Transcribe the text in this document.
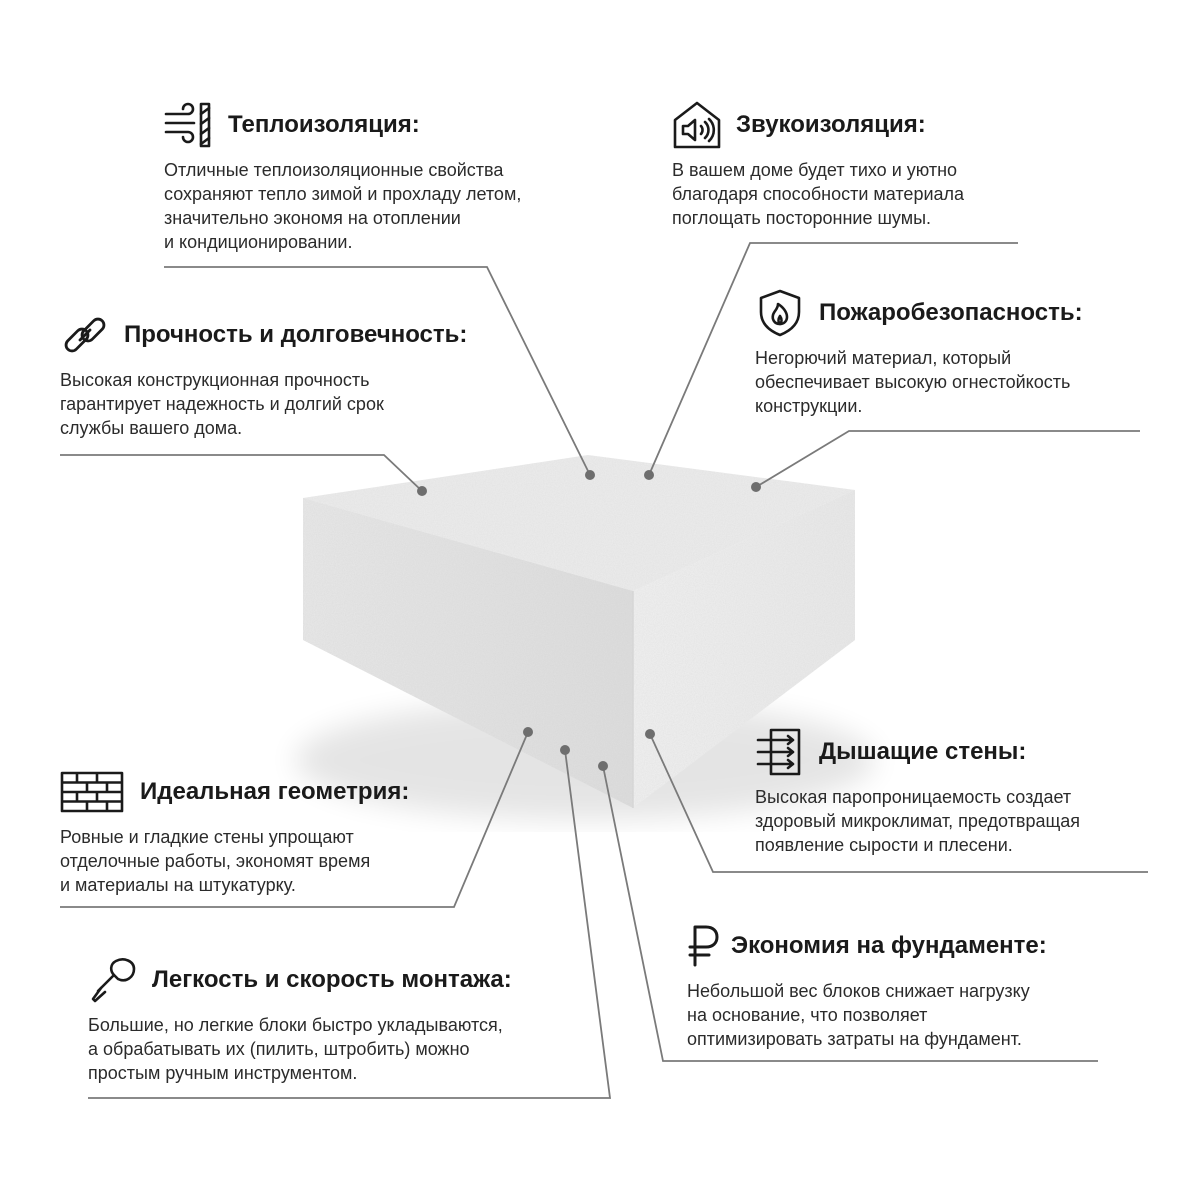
Теплоизоляция:
Отличные теплоизоляционные свойства
сохраняют тепло зимой и прохладу летом,
значительно экономя на отоплении
и кондиционировании.
Звукоизоляция:
В вашем доме будет тихо и уютно
благодаря способности материала
поглощать посторонние шумы.
Прочность и долговечность:
Высокая конструкционная прочность
гарантирует надежность и долгий срок
службы вашего дома.
Пожаробезопасность:
Негорючий материал, который
обеспечивает высокую огнестойкость
конструкции.
Идеальная геометрия:
Ровные и гладкие стены упрощают
отделочные работы, экономят время
и материалы на штукатурку.
Дышащие стены:
Высокая паропроницаемость создает
здоровый микроклимат, предотвращая
появление сырости и плесени.
Легкость и скорость монтажа:
Большие, но легкие блоки быстро укладываются,
а обрабатывать их (пилить, штробить) можно
простым ручным инструментом.
Экономия на фундаменте:
Небольшой вес блоков снижает нагрузку
на основание, что позволяет
оптимизировать затраты на фундамент.
